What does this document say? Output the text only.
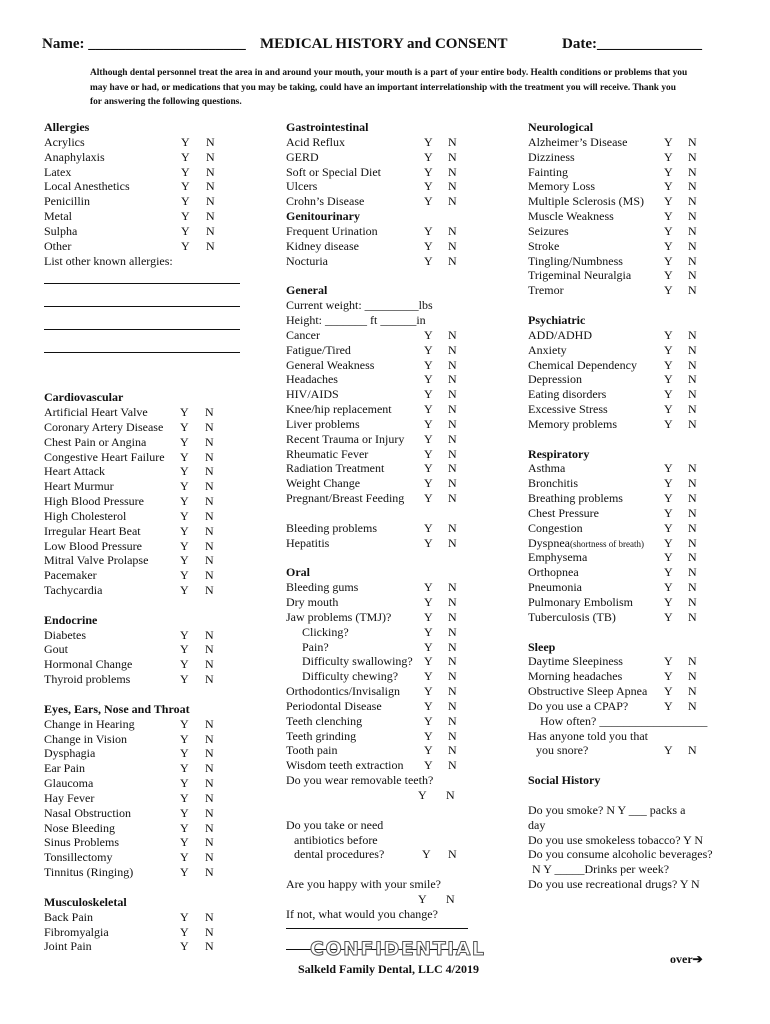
Name: _____________________ MEDICAL HISTORY and CONSENT	Date:______________
Although dental personnel treat the area in and around your mouth, your mouth is a part of your entire body. Health conditions or problems that you may have or had, or medications that you may be taking, could have an important interrelationship with the treatment you will receive. Thank you for answering the following questions.
Allergies
Acrylics	Y N
Anaphylaxis	Y N
Latex	Y N
Local Anesthetics	Y N
Penicillin	Y N
Metal	Y N
Sulpha	Y N
Other	Y N
List other known allergies:
Cardiovascular
Artificial Heart Valve	Y N
Coronary Artery Disease Y N
Chest Pain or Angina	Y N
Congestive Heart Failure Y N
Heart Attack	Y N
Heart Murmur	Y N
High Blood Pressure	Y N
High Cholesterol	Y N
Irregular Heart Beat	Y N
Low Blood Pressure	Y N
Mitral Valve Prolapse	Y N
Pacemaker	Y N
Tachycardia	Y N
Endocrine
Diabetes	Y N
Gout	Y N
Hormonal Change	Y N
Thyroid problems	Y N
Eyes, Ears, Nose and Throat
Change in Hearing	Y N
Change in Vision	Y N
Dysphagia	Y N
Ear Pain	Y N
Glaucoma	Y N
Hay Fever	Y N
Nasal Obstruction	Y N
Nose Bleeding	Y N
Sinus Problems	Y N
Tonsillectomy	Y N
Tinnitus (Ringing)	Y N
Musculoskeletal
Back Pain	Y N
Fibromyalgia	Y N
Joint Pain	Y N
Gastrointestinal
Acid Reflux	Y N
GERD	Y N
Soft or Special Diet	Y N
Ulcers	Y N
Crohn’s Disease	Y N
Genitourinary
Frequent Urination	Y N
Kidney disease	Y N
Nocturia	Y N
General
Current weight: _________lbs
Height: _______ ft ______in
Cancer	Y N
Fatigue/Tired	Y N
General Weakness	Y N
Headaches	Y N
HIV/AIDS	Y N
Knee/hip replacement	Y N
Liver problems	Y N
Recent Trauma or Injury Y N
Rheumatic Fever	Y N
Radiation Treatment	Y N
Weight Change	Y N
Pregnant/Breast Feeding Y N
Bleeding problems	Y N
Hepatitis	Y N
Oral
Bleeding gums	Y N
Dry mouth	Y N
Jaw problems (TMJ)?	Y N
Clicking?	Y N
Pain?	Y N
Difficulty swallowing? Y N
Difficulty chewing? Y N
Orthodontics/Invisalign Y N
Periodontal Disease	Y N
Teeth clenching	Y N
Teeth grinding	Y N
Tooth pain	Y N
Wisdom teeth extraction Y N
Do you wear removable teeth?
Y N
Do you take or need
antibiotics before
dental procedures?	Y N
Are you happy with your smile?
Y N
If not, what would you change?
Neurological
Alzheimer’s Disease	Y N
Dizziness	Y N
Fainting	Y N
Memory Loss	Y N
Multiple Sclerosis (MS) Y N
Muscle Weakness	Y N
Seizures	Y N
Stroke	Y N
Tingling/Numbness	Y N
Trigeminal Neuralgia	Y N
Tremor	Y N
Psychiatric
ADD/ADHD	Y N
Anxiety	Y N
Chemical Dependency Y N
Depression	Y N
Eating disorders	Y N
Excessive Stress	Y N
Memory problems	Y N
Respiratory
Asthma	Y N
Bronchitis	Y N
Breathing problems	Y N
Chest Pressure	Y N
Congestion	Y N
Dyspnea(shortness of breath) Y N
Emphysema	Y N
Orthopnea	Y N
Pneumonia	Y N
Pulmonary Embolism	Y N
Tuberculosis (TB)	Y N
Sleep
Daytime Sleepiness	Y N
Morning headaches	Y N
Obstructive Sleep Apnea Y N
Do you use a CPAP?	Y N
How often? __________________
Has anyone told you that
you snore?	Y N
Social History
Do you smoke? N Y ___ packs a
day
Do you use smokeless tobacco? Y N
Do you consume alcoholic beverages?
N Y _____Drinks per week?
Do you use recreational drugs? Y N
CONFIDENTIAL
Salkeld Family Dental, LLC 4/2019
over➔
